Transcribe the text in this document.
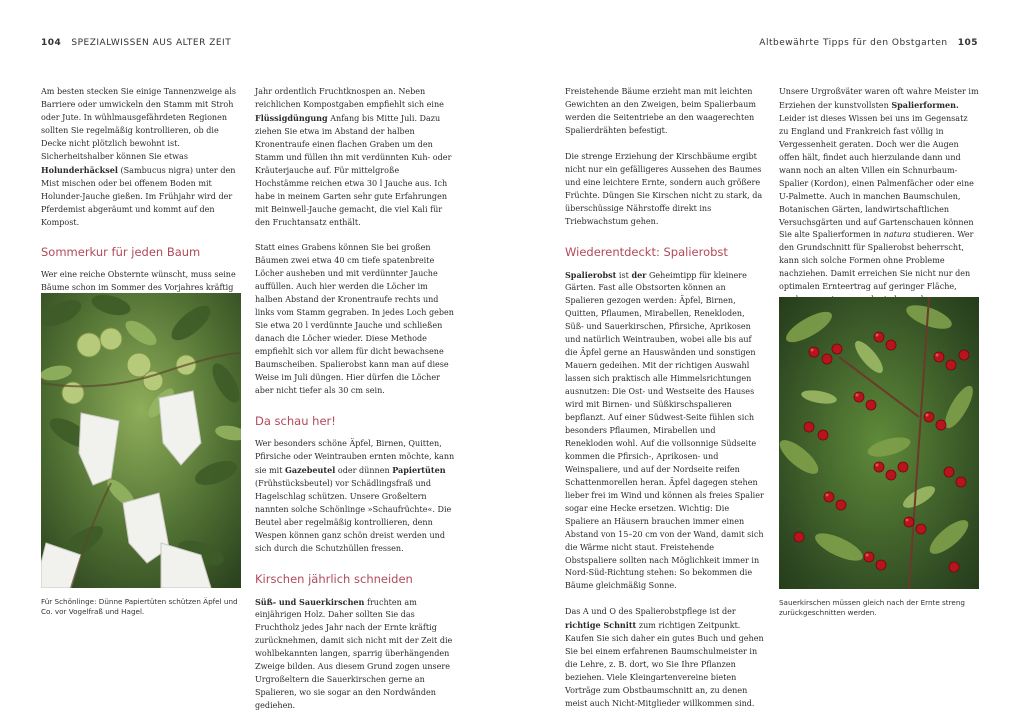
104 SPEZIALWISSEN AUS ALTER ZEIT	Altbewährte Tipps für den Obstgarten 105

Am besten stecken Sie einige Tannenzweige als Barriere oder umwickeln den Stamm mit Stroh oder Jute. In wühlmausgefährdeten Regionen sollten Sie regelmäßig kontrollieren, ob die Decke nicht plötzlich bewohnt ist. Sicherheitshalber können Sie etwas Holunderhäcksel (Sambucus nigra) unter den Mist mischen oder bei offenem Boden mit Holunder-Jauche gießen. Im Frühjahr wird der Pferdemist abgeräumt und kommt auf den Kompost.

Sommerkur für jeden Baum

Wer eine reiche Obsternte wünscht, muss seine Bäume schon im Sommer des Vorjahres kräftig

Für Schönlinge: Dünne Papiertüten schützen Äpfel und Co. vor Vogelfraß und Hagel.

Jahr ordentlich Fruchtknospen an. Neben reichlichen Kompostgaben empfiehlt sich eine Flüssigdüngung Anfang bis Mitte Juli. Dazu ziehen Sie etwa im Abstand der halben Kronentraufe einen flachen Graben um den Stamm und füllen ihn mit verdünnten Kuh- oder Kräuterjauche auf. Für mittelgroße Hochstämme reichen etwa 30 l Jauche aus. Ich habe in meinem Garten sehr gute Erfahrungen mit Beinwell-Jauche gemacht, die viel Kali für den Fruchtansatz enthält.

Statt eines Grabens können Sie bei großen Bäumen zwei etwa 40 cm tiefe spatenbreite Löcher ausheben und mit verdünnter Jauche auffüllen. Auch hier werden die Löcher im halben Abstand der Kronentraufe rechts und links vom Stamm gegraben. In jedes Loch geben Sie etwa 20 l verdünnte Jauche und schließen danach die Löcher wieder. Diese Methode empfiehlt sich vor allem für dicht bewachsene Baumscheiben. Spalierobst kann man auf diese Weise im Juli düngen. Hier dürfen die Löcher aber nicht tiefer als 30 cm sein.

Da schau her!

Wer besonders schöne Äpfel, Birnen, Quitten, Pfirsiche oder Weintrauben ernten möchte, kann sie mit Gazebeutel oder dünnen Papiertüten (Frühstücksbeutel) vor Schädlingsfraß und Hagelschlag schützen. Unsere Großeltern nannten solche Schönlinge »Schaufrüchte«. Die Beutel aber regelmäßig kontrollieren, denn Wespen können ganz schön dreist werden und sich durch die Schutzhüllen fressen.

Kirschen jährlich schneiden

Süß- und Sauerkirschen fruchten am einjährigen Holz. Daher sollten Sie das Fruchtholz jedes Jahr nach der Ernte kräftig zurücknehmen, damit sich nicht mit der Zeit die wohlbekannten langen, sparrig überhängenden Zweige bilden. Aus diesem Grund zogen unsere Urgroßeltern die Sauerkirschen gerne an Spalieren, wo sie sogar an den Nordwänden gediehen.

Freistehende Bäume erzieht man mit leichten Gewichten an den Zweigen, beim Spalierbaum werden die Seitentriebe an den waagerechten Spalierdrähten befestigt.

Die strenge Erziehung der Kirschbäume ergibt nicht nur ein gefälligeres Aussehen des Baumes und eine leichtere Ernte, sondern auch größere Früchte. Düngen Sie Kirschen nicht zu stark, da überschüssige Nährstoffe direkt ins Triebwachstum gehen.

Wiederentdeckt: Spalierobst

Spalierobst ist der Geheimtipp für kleinere Gärten. Fast alle Obstsorten können an Spalieren gezogen werden: Äpfel, Birnen, Quitten, Pflaumen, Mirabellen, Renekloden, Süß- und Sauerkirschen, Pfirsiche, Aprikosen und natürlich Weintrauben, wobei alle bis auf die Äpfel gerne an Hauswänden und sonstigen Mauern gedeihen. Mit der richtigen Auswahl lassen sich praktisch alle Himmelsrichtungen ausnutzen: Die Ost- und Westseite des Hauses wird mit Birnen- und Süßkirschspalieren bepflanzt. Auf einer Südwest-Seite fühlen sich besonders Pflaumen, Mirabellen und Renekloden wohl. Auf die vollsonnige Südseite kommen die Pfirsich-, Aprikosen- und Weinspaliere, und auf der Nordseite reifen Schattenmorellen heran. Äpfel dagegen stehen lieber frei im Wind und können als freies Spalier sogar eine Hecke ersetzen. Wichtig: Die Spaliere an Häusern brauchen immer einen Abstand von 15–20 cm von der Wand, damit sich die Wärme nicht staut. Freistehende Obstspaliere sollten nach Möglichkeit immer in Nord-Süd-Richtung stehen: So bekommen die Bäume gleichmäßig Sonne.

Das A und O des Spalierobstpflege ist der richtige Schnitt zum richtigen Zeitpunkt. Kaufen Sie sich daher ein gutes Buch und gehen Sie bei einem erfahrenen Baumschulmeister in die Lehre, z. B. dort, wo Sie Ihre Pflanzen beziehen. Viele Kleingartenvereine bieten Vorträge zum Obstbaumschnitt an, zu denen meist auch Nicht-Mitglieder willkommen sind.

Unsere Urgroßväter waren oft wahre Meister im Erziehen der kunstvollsten Spalierformen. Leider ist dieses Wissen bei uns im Gegensatz zu England und Frankreich fast völlig in Vergessenheit geraten. Doch wer die Augen offen hält, findet auch hierzulande dann und wann noch an alten Villen ein Schnurbaum-Spalier (Kordon), einen Palmenfächer oder eine U-Palmette. Auch in manchen Baumschulen, Botanischen Gärten, landwirtschaftlichen Versuchsgärten und auf Gartenschauen können Sie alte Spalierformen in natura studieren. Wer den Grundschnitt für Spalierobst beherrscht, kann sich solche Formen ohne Probleme nachziehen. Damit erreichen Sie nicht nur den optimalen Ernteertrag auf geringer Fläche,

Sauerkirschen müssen gleich nach der Ernte streng zurückgeschnitten werden.
